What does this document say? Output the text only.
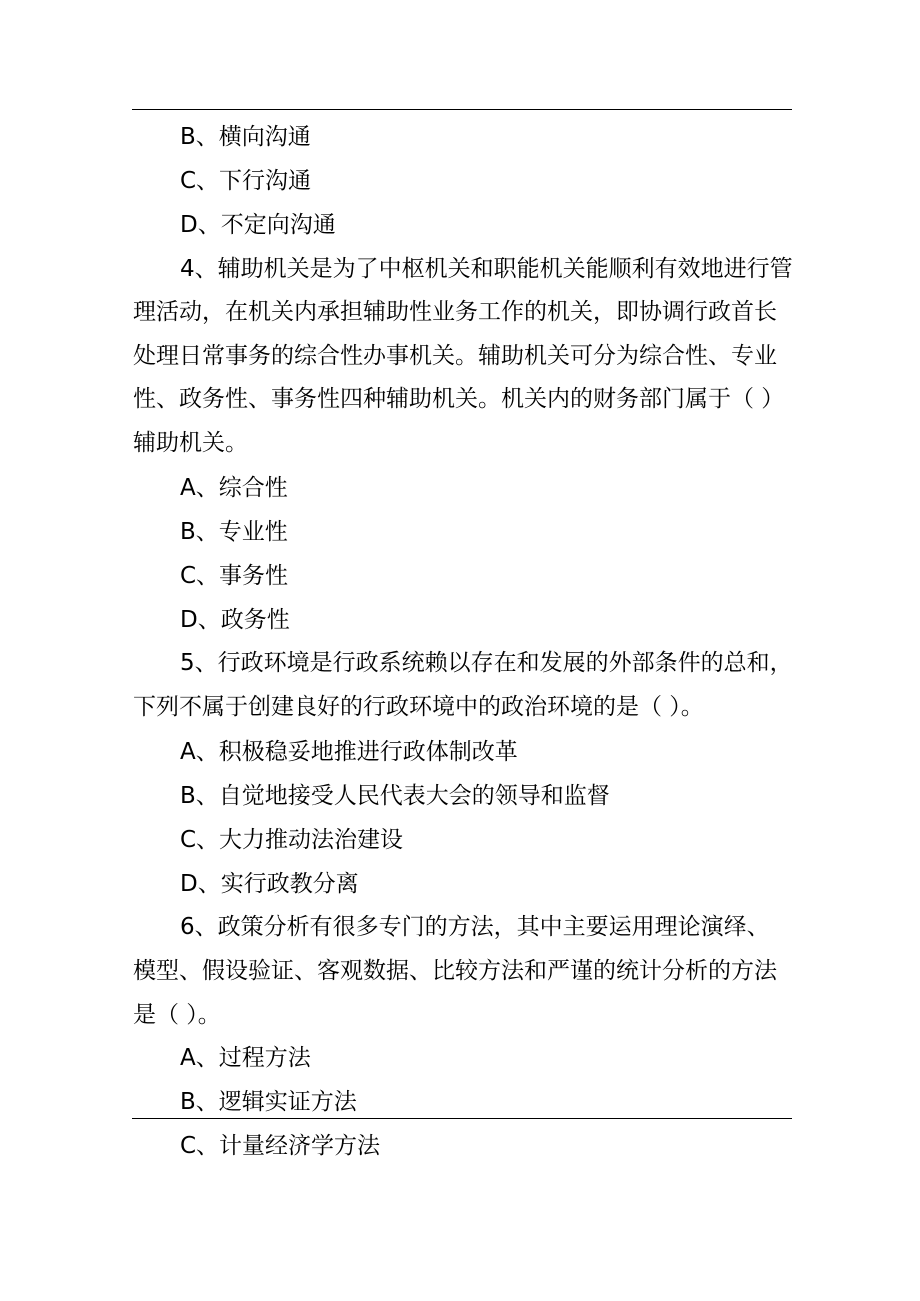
B、横向沟通
C、下行沟通
D、不定向沟通
4、辅助机关是为了中枢机关和职能机关能顺利有效地进行管
理活动，在机关内承担辅助性业务工作的机关，即协调行政首长
处理日常事务的综合性办事机关。辅助机关可分为综合性、专业
性、政务性、事务性四种辅助机关。机关内的财务部门属于（ ）
辅助机关。
A、综合性
B、专业性
C、事务性
D、政务性
5、行政环境是行政系统赖以存在和发展的外部条件的总和，
下列不属于创建良好的行政环境中的政治环境的是（ ）。
A、积极稳妥地推进行政体制改革
B、自觉地接受人民代表大会的领导和监督
C、大力推动法治建设
D、实行政教分离
6、政策分析有很多专门的方法，其中主要运用理论演绎、
模型、假设验证、客观数据、比较方法和严谨的统计分析的方法
是（ ）。
A、过程方法
B、逻辑实证方法
C、计量经济学方法
